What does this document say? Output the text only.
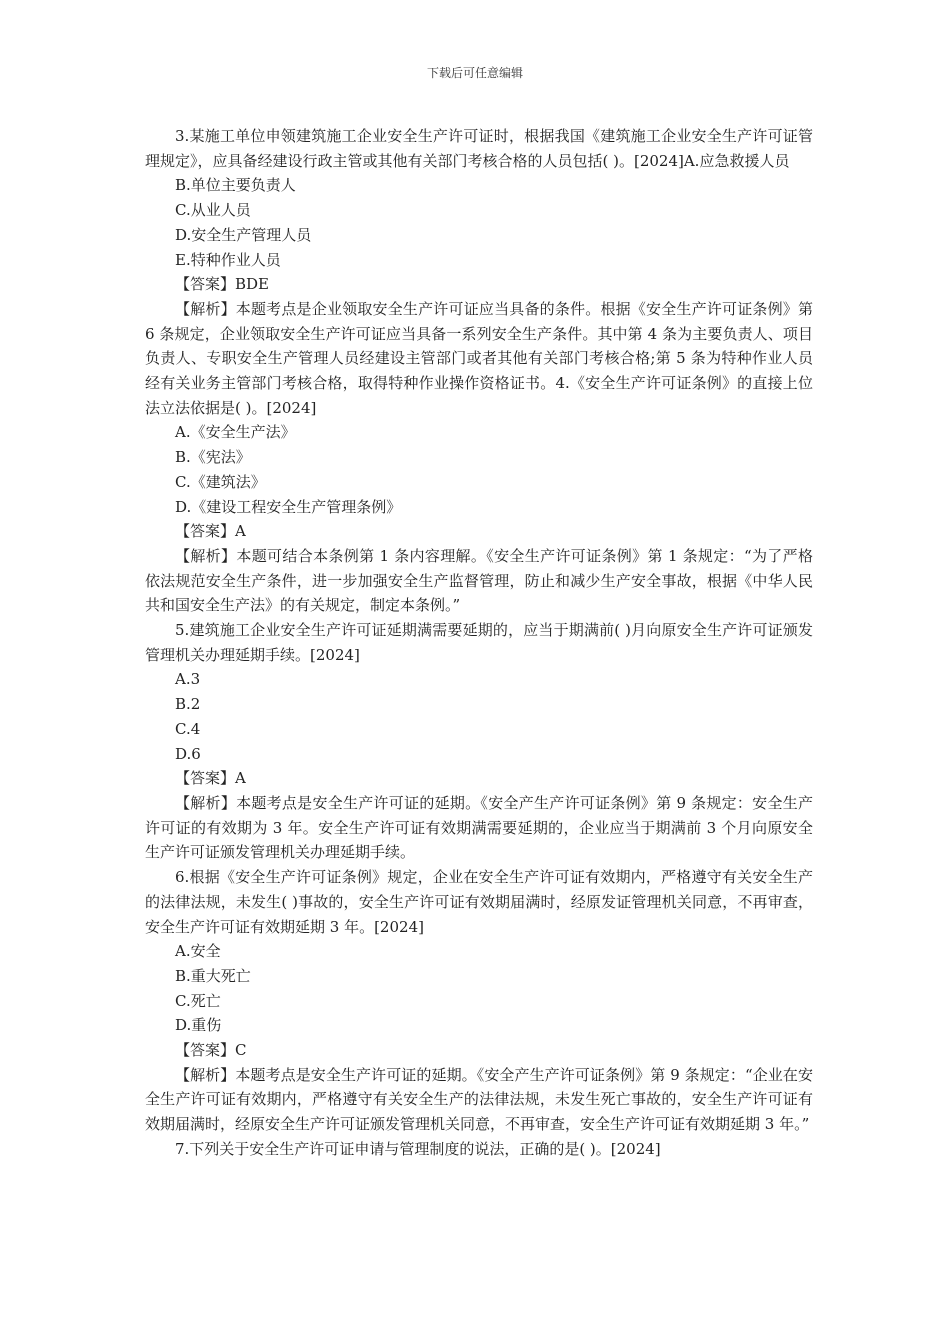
下载后可任意编辑

3.某施工单位申领建筑施工企业安全生产许可证时，根据我国《建筑施工企业安全生产许可证管理规定》，应具备经建设行政主管或其他有关部门考核合格的人员包括( )。[2024]A.应急救援人员

B.单位主要负责人

C.从业人员

D.安全生产管理人员

E.特种作业人员

【答案】BDE

【解析】本题考点是企业领取安全生产许可证应当具备的条件。根据《安全生产许可证条例》第 6 条规定，企业领取安全生产许可证应当具备一系列安全生产条件。其中第 4 条为主要负责人、项目负责人、专职安全生产管理人员经建设主管部门或者其他有关部门考核合格;第 5 条为特种作业人员经有关业务主管部门考核合格，取得特种作业操作资格证书。4.《安全生产许可证条例》的直接上位法立法依据是( )。[2024]

A.《安全生产法》

B.《宪法》

C.《建筑法》

D.《建设工程安全生产管理条例》

【答案】A

【解析】本题可结合本条例第 1 条内容理解。《安全生产许可证条例》第 1 条规定：“为了严格依法规范安全生产条件，进一步加强安全生产监督管理，防止和减少生产安全事故，根据《中华人民共和国安全生产法》的有关规定，制定本条例。”

5.建筑施工企业安全生产许可证延期满需要延期的，应当于期满前( )月向原安全生产许可证颁发管理机关办理延期手续。[2024]

A.3

B.2

C.4

D.6

【答案】A

【解析】本题考点是安全生产许可证的延期。《安全产生产许可证条例》第 9 条规定：安全生产许可证的有效期为 3 年。安全生产许可证有效期满需要延期的，企业应当于期满前 3 个月向原安全生产许可证颁发管理机关办理延期手续。

6.根据《安全生产许可证条例》规定，企业在安全生产许可证有效期内，严格遵守有关安全生产的法律法规，未发生( )事故的，安全生产许可证有效期届满时，经原发证管理机关同意，不再审查，安全生产许可证有效期延期 3 年。[2024]

A.安全

B.重大死亡

C.死亡

D.重伤

【答案】C

【解析】本题考点是安全生产许可证的延期。《安全产生产许可证条例》第 9 条规定：“企业在安全生产许可证有效期内，严格遵守有关安全生产的法律法规，未发生死亡事故的，安全生产许可证有效期届满时，经原安全生产许可证颁发管理机关同意，不再审查，安全生产许可证有效期延期 3 年。”

7.下列关于安全生产许可证申请与管理制度的说法，正确的是( )。[2024]
